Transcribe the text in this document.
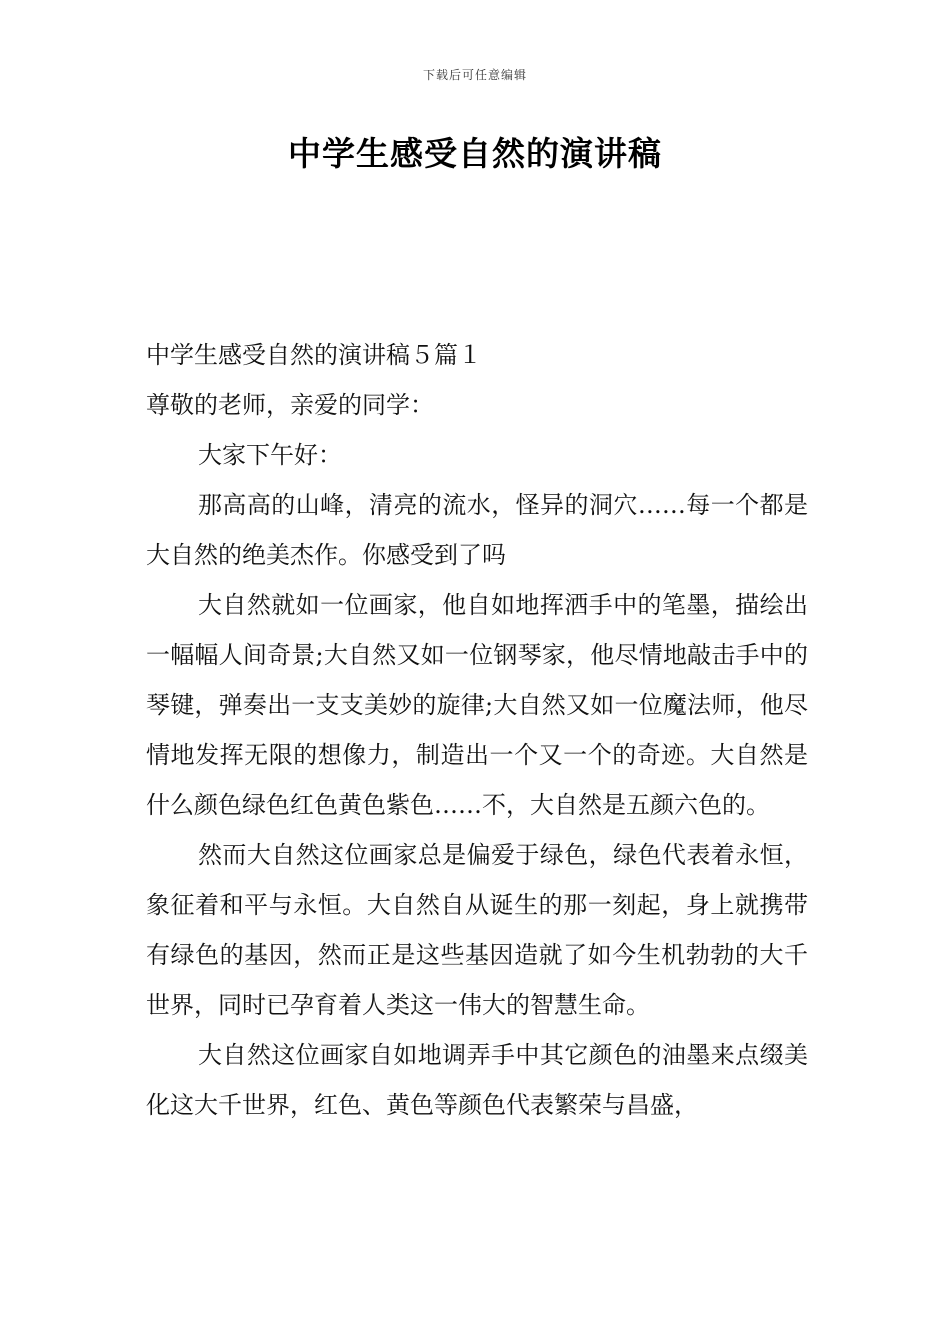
下载后可任意编辑
中学生感受自然的演讲稿
中学生感受自然的演讲稿５篇１
尊敬的老师，亲爱的同学：

大家下午好：

那高高的山峰，清亮的流水，怪异的洞穴……每一个都是大自然的绝美杰作。你感受到了吗

大自然就如一位画家，他自如地挥洒手中的笔墨，描绘出一幅幅人间奇景;大自然又如一位钢琴家，他尽情地敲击手中的琴键，弹奏出一支支美妙的旋律;大自然又如一位魔法师，他尽情地发挥无限的想像力，制造出一个又一个的奇迹。大自然是什么颜色绿色红色黄色紫色……不，大自然是五颜六色的。

然而大自然这位画家总是偏爱于绿色，绿色代表着永恒，象征着和平与永恒。大自然自从诞生的那一刻起，身上就携带有绿色的基因，然而正是这些基因造就了如今生机勃勃的大千世界，同时已孕育着人类这一伟大的智慧生命。

大自然这位画家自如地调弄手中其它颜色的油墨来点缀美化这大千世界，红色、黄色等颜色代表繁荣与昌盛，
